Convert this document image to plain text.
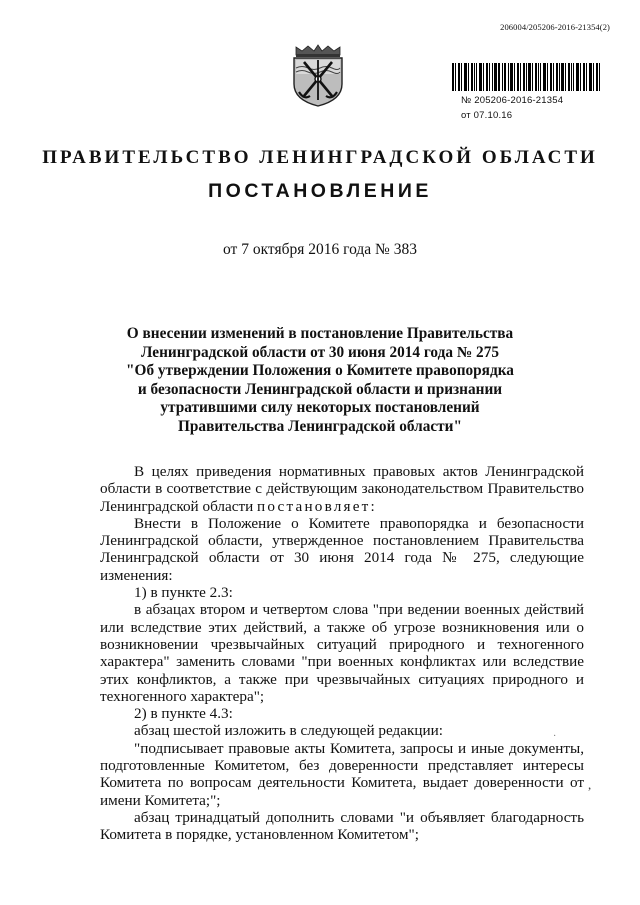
206004/205206-2016-21354(2)
№ 205206-2016-21354
от 07.10.16
ПРАВИТЕЛЬСТВО ЛЕНИНГРАДСКОЙ ОБЛАСТИ
ПОСТАНОВЛЕНИЕ
от 7 октября 2016 года № 383
О внесении изменений в постановление Правительства
Ленинградской области от 30 июня 2014 года № 275
"Об утверждении Положения о Комитете правопорядка
и безопасности Ленинградской области и признании
утратившими силу некоторых постановлений
Правительства Ленинградской области"

В целях приведения нормативных правовых актов Ленинградской области в соответствие с действующим законодательством Правительство Ленинградской области постановляет:

Внести в Положение о Комитете правопорядка и безопасности Ленинградской области, утвержденное постановлением Правительства Ленинградской области от 30 июня 2014 года № 275, следующие изменения:

1) в пункте 2.3:

в абзацах втором и четвертом слова "при ведении военных действий или вследствие этих действий, а также об угрозе возникновения или о возникновении чрезвычайных ситуаций природного и техногенного характера" заменить словами "при военных конфликтах или вследствие этих конфликтов, а также при чрезвычайных ситуациях природного и техногенного характера";

2) в пункте 4.3:

абзац шестой изложить в следующей редакции:

"подписывает правовые акты Комитета, запросы и иные документы, подготовленные Комитетом, без доверенности представляет интересы Комитета по вопросам деятельности Комитета, выдает доверенности от имени Комитета;";

абзац тринадцатый дополнить словами "и объявляет благодарность Комитета в порядке, установленном Комитетом";

·
,
